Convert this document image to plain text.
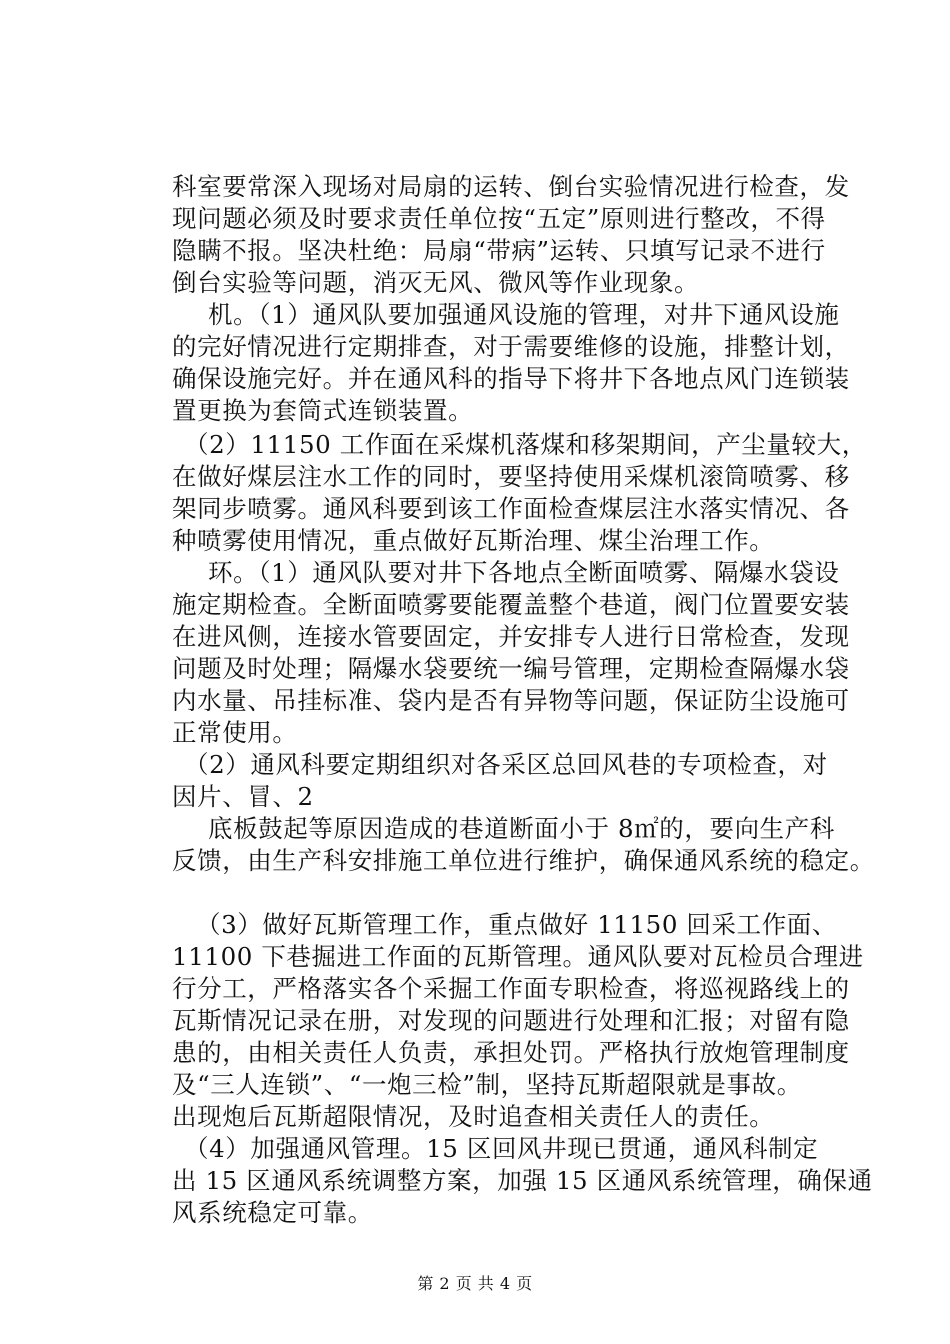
科室要常深入现场对局扇的运转、倒台实验情况进行检查，发
现问题必须及时要求责任单位按“五定”原则进行整改，不得
隐瞒不报。坚决杜绝：局扇“带病”运转、只填写记录不进行
倒台实验等问题，消灭无风、微风等作业现象。
机。（1）通风队要加强通风设施的管理，对井下通风设施
的完好情况进行定期排查，对于需要维修的设施，排整计划，
确保设施完好。并在通风科的指导下将井下各地点风门连锁装
置更换为套筒式连锁装置。
（2）11150 工作面在采煤机落煤和移架期间，产尘量较大，
在做好煤层注水工作的同时，要坚持使用采煤机滚筒喷雾、移
架同步喷雾。通风科要到该工作面检查煤层注水落实情况、各
种喷雾使用情况，重点做好瓦斯治理、煤尘治理工作。
环。（1）通风队要对井下各地点全断面喷雾、隔爆水袋设
施定期检查。全断面喷雾要能覆盖整个巷道，阀门位置要安装
在进风侧，连接水管要固定，并安排专人进行日常检查，发现
问题及时处理；隔爆水袋要统一编号管理，定期检查隔爆水袋
内水量、吊挂标准、袋内是否有异物等问题，保证防尘设施可
正常使用。
（2）通风科要定期组织对各采区总回风巷的专项检查，对
因片、冒、2
底板鼓起等原因造成的巷道断面小于 8㎡的，要向生产科
反馈，由生产科安排施工单位进行维护，确保通风系统的稳定。
（3）做好瓦斯管理工作，重点做好 11150 回采工作面、
11100 下巷掘进工作面的瓦斯管理。通风队要对瓦检员合理进
行分工，严格落实各个采掘工作面专职检查，将巡视路线上的
瓦斯情况记录在册，对发现的问题进行处理和汇报；对留有隐
患的，由相关责任人负责，承担处罚。严格执行放炮管理制度
及“三人连锁”、“一炮三检”制，坚持瓦斯超限就是事故。
出现炮后瓦斯超限情况，及时追查相关责任人的责任。
（4）加强通风管理。15 区回风井现已贯通，通风科制定
出 15 区通风系统调整方案，加强 15 区通风系统管理，确保通
风系统稳定可靠。
第 2 页 共 4 页
